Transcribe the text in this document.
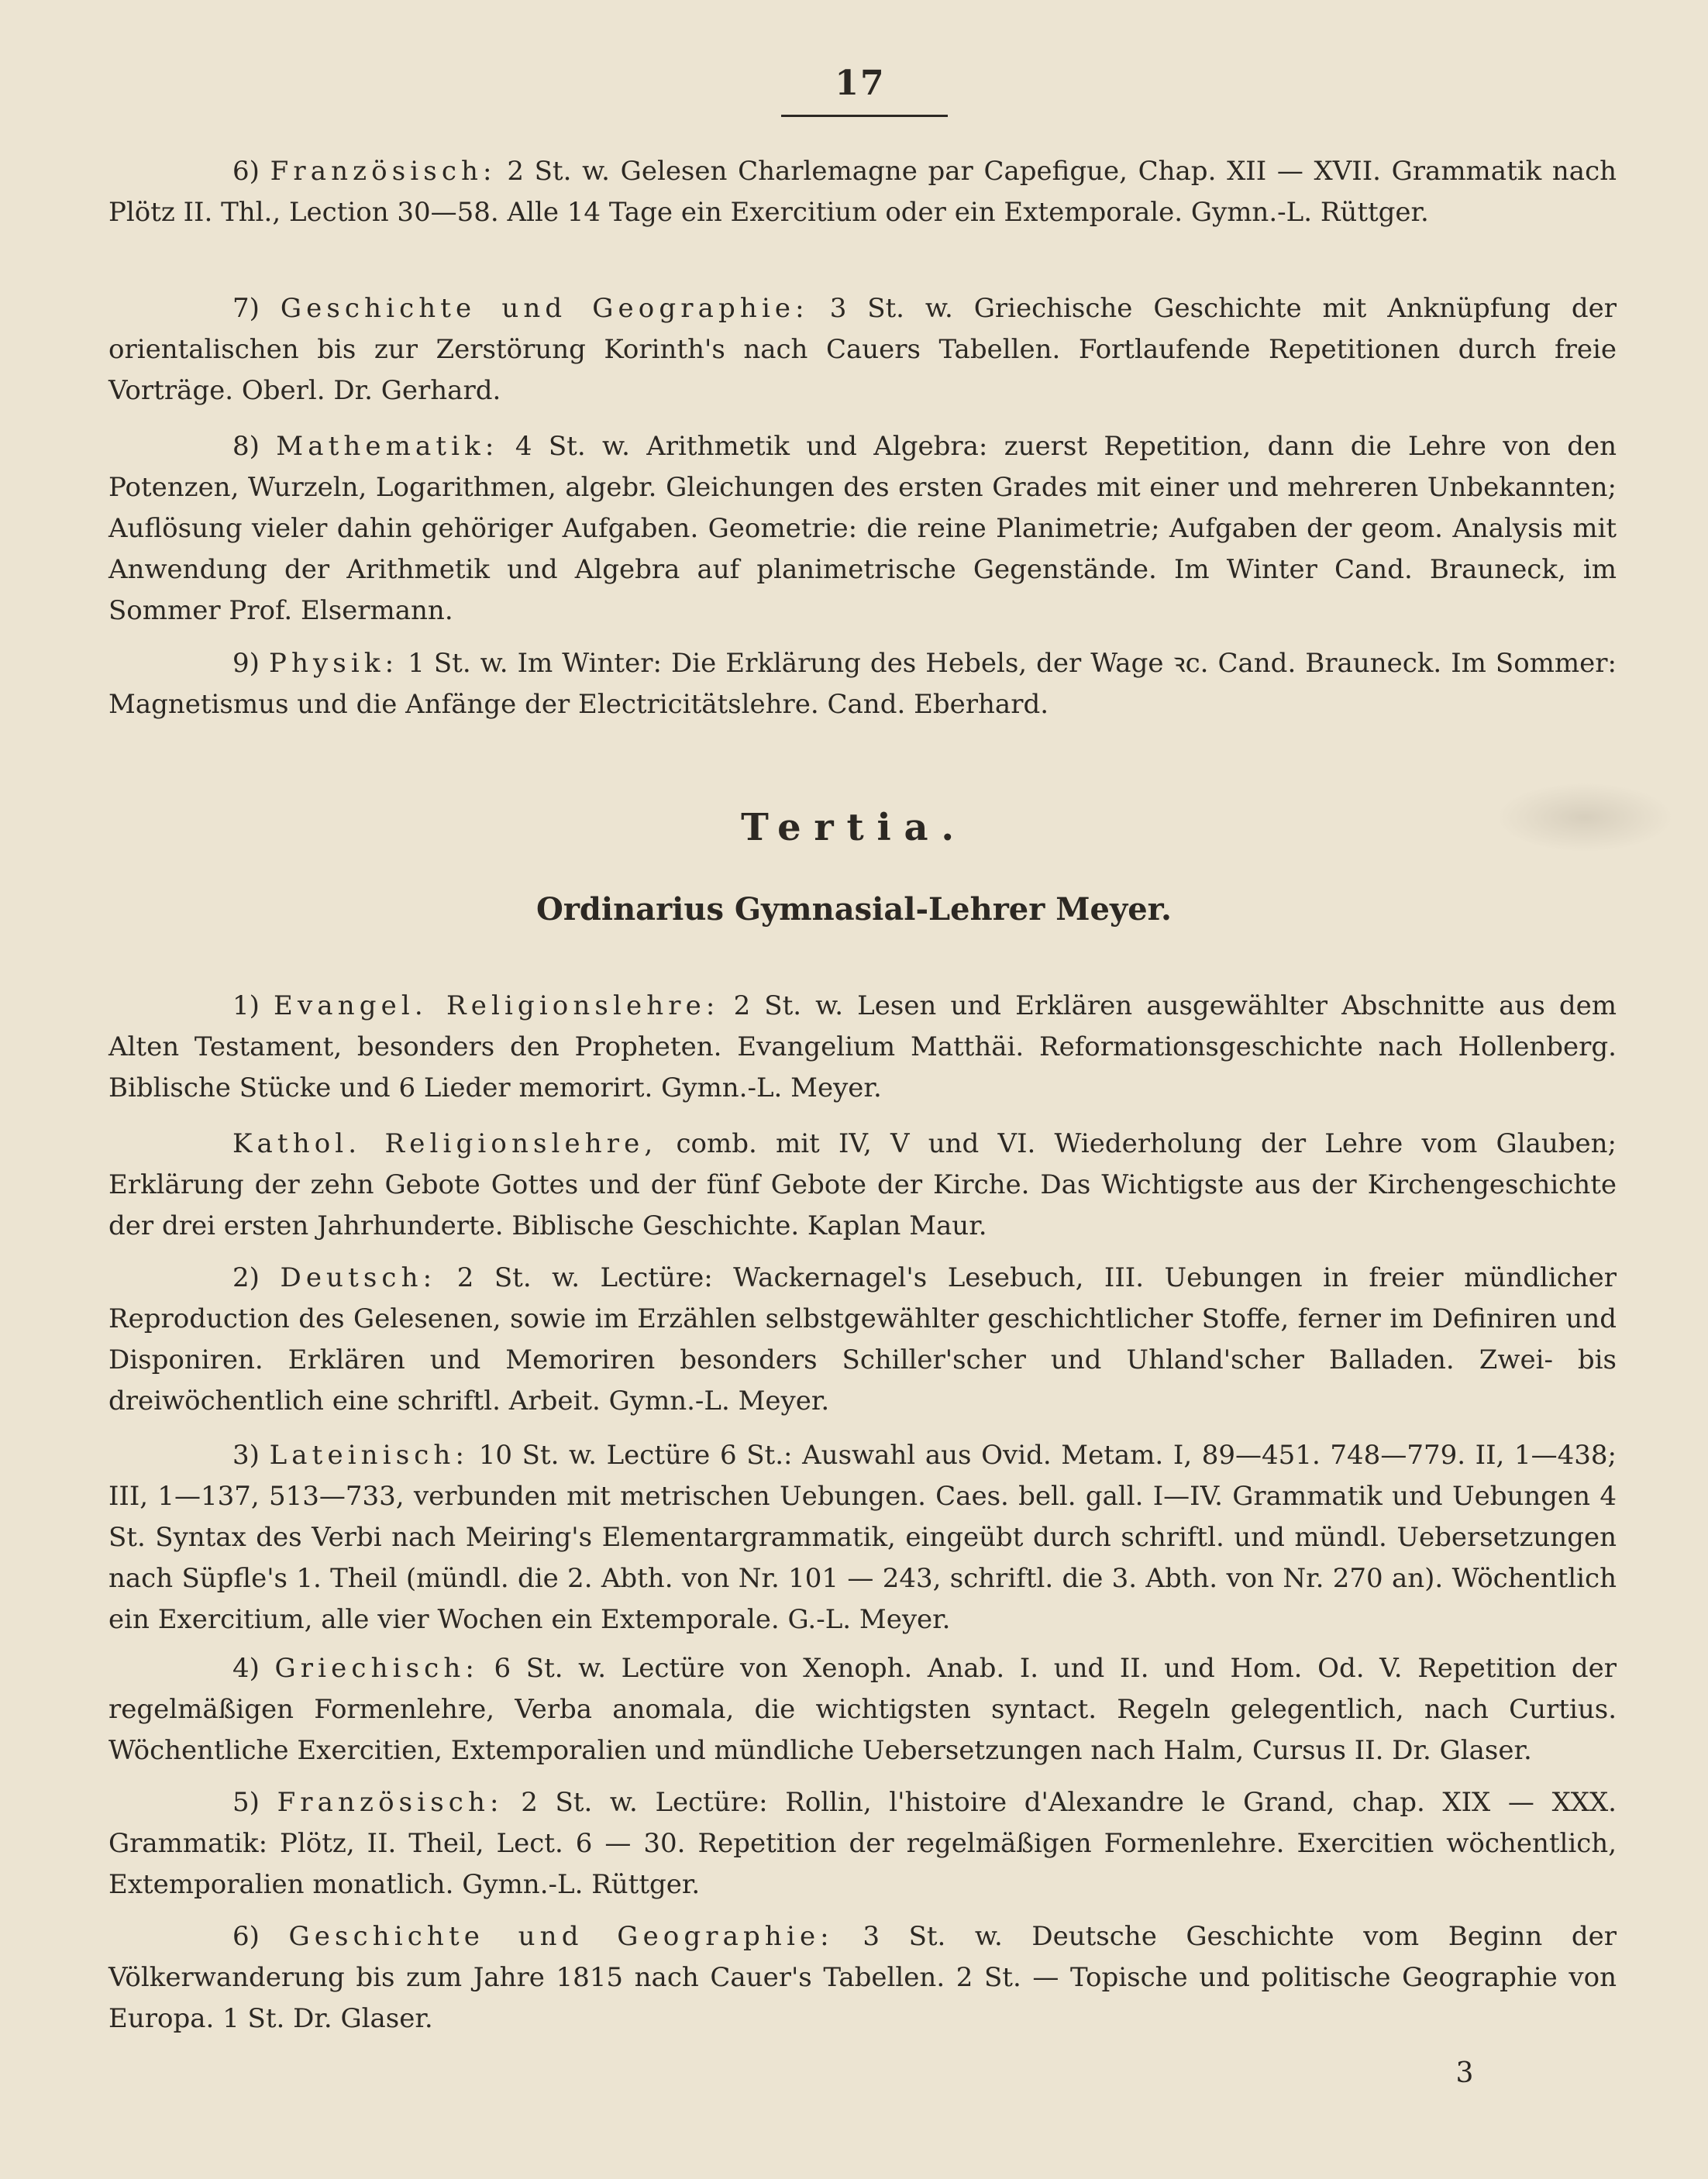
17

6) Französisch: 2 St. w. Gelesen Charlemagne par Capefigue, Chap. XII — XVII. Grammatik nach Plötz II. Thl., Lection 30—58. Alle 14 Tage ein Exercitium oder ein Extemporale. Gymn.-L. Rüttger.

7) Geschichte und Geographie: 3 St. w. Griechische Geschichte mit Anknüpfung der orientalischen bis zur Zerstörung Korinth's nach Cauers Tabellen. Fortlaufende Repetitionen durch freie Vorträge. Oberl. Dr. Gerhard.

8) Mathematik: 4 St. w. Arithmetik und Algebra: zuerst Repetition, dann die Lehre von den Potenzen, Wurzeln, Logarithmen, algebr. Gleichungen des ersten Grades mit einer und mehreren Unbekannten; Auflösung vieler dahin gehöriger Aufgaben. Geometrie: die reine Planimetrie; Aufgaben der geom. Analysis mit Anwendung der Arithmetik und Algebra auf planimetrische Gegenstände. Im Winter Cand. Brauneck, im Sommer Prof. Elsermann.

9) Physik: 1 St. w. Im Winter: Die Erklärung des Hebels, der Wage ꝛc. Cand. Brauneck. Im Sommer: Magnetismus und die Anfänge der Electricitätslehre. Cand. Eberhard.

Tertia.
Ordinarius Gymnasial-Lehrer Meyer.

1) Evangel. Religionslehre: 2 St. w. Lesen und Erklären ausgewählter Abschnitte aus dem Alten Testament, besonders den Propheten. Evangelium Matthäi. Reformationsgeschichte nach Hollenberg. Biblische Stücke und 6 Lieder memorirt. Gymn.-L. Meyer.

Kathol. Religionslehre, comb. mit IV, V und VI. Wiederholung der Lehre vom Glauben; Erklärung der zehn Gebote Gottes und der fünf Gebote der Kirche. Das Wichtigste aus der Kirchengeschichte der drei ersten Jahrhunderte. Biblische Geschichte. Kaplan Maur.

2) Deutsch: 2 St. w. Lectüre: Wackernagel's Lesebuch, III. Uebungen in freier mündlicher Reproduction des Gelesenen, sowie im Erzählen selbstgewählter geschichtlicher Stoffe, ferner im Definiren und Disponiren. Erklären und Memoriren besonders Schiller'scher und Uhland'scher Balladen. Zwei- bis dreiwöchentlich eine schriftl. Arbeit. Gymn.-L. Meyer.

3) Lateinisch: 10 St. w. Lectüre 6 St.: Auswahl aus Ovid. Metam. I, 89—451. 748—779. II, 1—438; III, 1—137, 513—733, verbunden mit metrischen Uebungen. Caes. bell. gall. I—IV. Grammatik und Uebungen 4 St. Syntax des Verbi nach Meiring's Elementargrammatik, eingeübt durch schriftl. und mündl. Uebersetzungen nach Süpfle's 1. Theil (mündl. die 2. Abth. von Nr. 101 — 243, schriftl. die 3. Abth. von Nr. 270 an). Wöchentlich ein Exercitium, alle vier Wochen ein Extemporale. G.-L. Meyer.

4) Griechisch: 6 St. w. Lectüre von Xenoph. Anab. I. und II. und Hom. Od. V. Repetition der regelmäßigen Formenlehre, Verba anomala, die wichtigsten syntact. Regeln gelegentlich, nach Curtius. Wöchentliche Exercitien, Extemporalien und mündliche Uebersetzungen nach Halm, Cursus II. Dr. Glaser.

5) Französisch: 2 St. w. Lectüre: Rollin, l'histoire d'Alexandre le Grand, chap. XIX — XXX. Grammatik: Plötz, II. Theil, Lect. 6 — 30. Repetition der regelmäßigen Formenlehre. Exercitien wöchentlich, Extemporalien monatlich. Gymn.-L. Rüttger.

6) Geschichte und Geographie: 3 St. w. Deutsche Geschichte vom Beginn der Völkerwanderung bis zum Jahre 1815 nach Cauer's Tabellen. 2 St. — Topische und politische Geographie von Europa. 1 St. Dr. Glaser.

3
